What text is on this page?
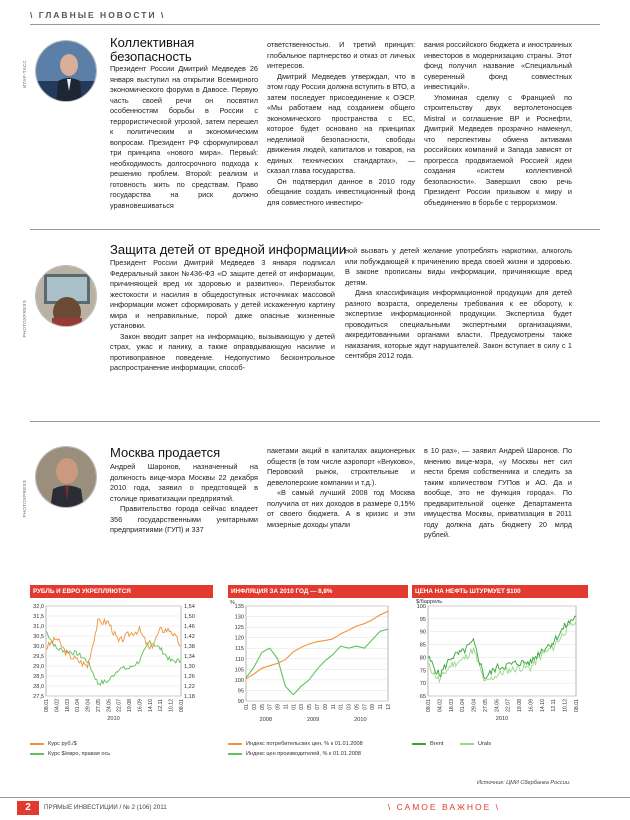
\ ГЛАВНЫЕ НОВОСТИ \
ИТАР-ТАСС
Коллективная
безопасность

Президент России Дмитрий Медведев 26 января выступил на открытии Всемирного экономического форума в Давосе. Первую часть своей речи он посвятил особенностям борьбы в России с террористической угрозой, затем перешел к политическим и экономическим вопросам. Президент РФ сформулировал три принципа «нового мира». Первый: необходимость долгосрочного подхода к решению проблем. Второй: реализм и готовность жить по средствам. Право государства на риск должно уравновешиваться

ответственностью. И третий принцип: глобальное партнерство и отказ от личных интересов.

Дмитрий Медведев утверждал, что в этом году Россия должна вступить в ВТО, а затем последует присоединение к ОЭСР. «Мы работаем над созданием общего экономического пространства с ЕС, которое будет основано на принципах неделимой безопасности, свободы движения людей, капиталов и товаров, на единых технических стандартах», — сказал глава государства.

Он подтвердил данное в 2010 году обещание создать инвестиционный фонд для совместного инвестиро-

вания российского бюджета и иностранных инвесторов в модернизацию страны. Этот фонд получил название «Специальный суверенный фонд совместных инвестиций».

Упоминая сделку с Францией по строительству двух вертолетоносцев Mistral и соглашение BP и Роснефти, Дмитрий Медведев прозрачно намекнул, что перспективы обмена активами российских компаний и Запада зависят от прогресса продвигаемой Россией идеи создания «систем коллективной безопасности». Завершил свою речь Президент России призывом к миру и объединению в борьбе с терроризмом.

PHOTOXPRESS
Защита детей от вредной информации

Президент России Дмитрий Медведев 3 января подписал Федеральный закон №436-ФЗ «О защите детей от информации, причиняющей вред их здоровью и развитию». Переизбыток жестокости и насилия в общедоступных источниках массовой информации может сформировать у детей искаженную картину мира и неправильные, порой даже опасные жизненные установки.

Закон вводит запрет на информацию, вызывающую у детей страх, ужас и панику, а также оправдывающую насилие и противоправное поведение. Недопустимо бесконтрольное распространение информации, способ-

ной вызвать у детей желание употреблять наркотики, алкоголь или побуждающей к причинению вреда своей жизни и здоровью. В законе прописаны виды информации, причиняющие вред детям.

Дана классификация информационной продукции для детей разного возраста, определены требования к ее обороту, к экспертизе информационной продукции. Экспертиза будет проводиться специальными экспертными организациями, аккредитованными органами власти. Предусмотрены также наказания, которые ждут нарушителей. Закон вступает в силу с 1 сентября 2012 года.

PHOTOXPRESS
Москва продается

Андрей Шаронов, назначенный на должность вице-мэра Москвы 22 декабря 2010 года, заявил о предстоящей в столице приватизации предприятий.

Правительство города сейчас владеет 356 государственными унитарными предприятиями (ГУП) и 337

пакетами акций в капиталах акционерных обществ (в том числе аэропорт «Внуково», Перовский рынок, строительные и девелоперские компании и т.д.).

«В самый лучший 2008 год Москва получила от них доходов в размере 0,15% от своего бюджета. А в кризис и эти мизерные доходы упали

в 10 раз», — заявил Андрей Шаронов. По мнению вице-мэра, «у Москвы нет сил нести бремя собственника и следить за таким количеством ГУПов и АО. Да и вообще, это не функция города». По предварительной оценке Департамента имущества Москвы, приватизация в 2011 году должна дать бюджету 20 млрд рублей.

РУБЛЬ И ЕВРО УКРЕПЛЯЮТСЯ
32,0
31,5
31,0
30,5
30,0
29,5
29,0
28,5
28,0
27,5
08.01 04.02 18.03 01.04 29.04 27.05 24.06 22.07 19.08 16.09 14.10 12.11 10.12 08.01
1,54
1,50
1,46
1,42
1,38
1,34
1,30
1,26
1,22
1,18
2010
Курс руб./$
Курс $/евро, правая ось
ИНФЛЯЦИЯ ЗА 2010 ГОД — 8,8%
%
135
130
125
120
115
110
105
100
95
90
01 03 05 07 09 11 01 03 05 07 09 11 01 03 05 07 09 11 12
2008	2009	2010
Индекс потребительских цен, % к 01.01.2008
Индекс цен производителей, % к 01.01.2008
ЦЕНА НА НЕФТЬ ШТУРМУЕТ $100
$/баррель
100
95
90
85
80
75
70
65
08.01 04.02 18.03 01.04 29.04 27.05 24.06 22.07 19.08 16.09 14.10 12.11 10.12 08.01
2010
Brent	Urals
Источник: ЦМИ Сбербанка России.
2	ПРЯМЫЕ ИНВЕСТИЦИИ / № 2 (106) 2011	\ САМОЕ ВАЖНОЕ \
